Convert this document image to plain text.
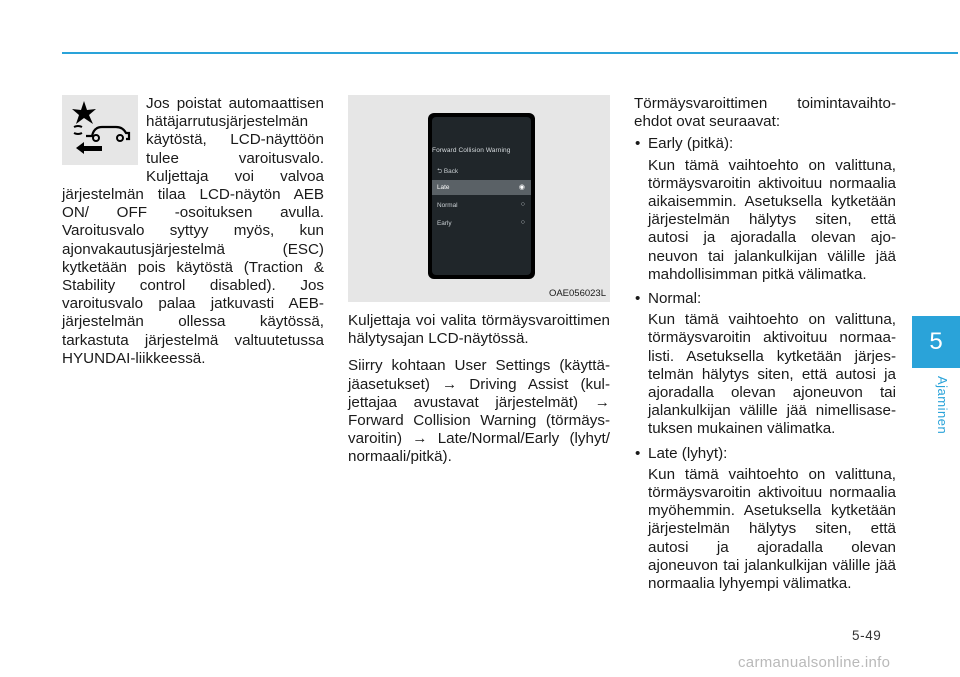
Jos poistat automaattisen hätäjarrutusjärjestelmän käytöstä, LCD-näyttöön tulee varoitusvalo. Kuljettaja voi valvoa järjestelmän tilaa LCD-näytön AEB ON/ OFF -osoituksen avulla. Varoitusvalo syttyy myös, kun ajonvakautusjärjestelmä (ESC) kytketään pois käytöstä (Traction & Stability control disabled). Jos varoitusvalo palaa jatkuvasti AEB-järjestelmän ollessa käytössä, tarkastuta järjestelmä valtuutetussa HYUNDAI-liikkeessä.

Forward Collision Warning
⮌ Back
Late	◉
Normal	○
Early	○
OAE056023L

Kuljettaja voi valita törmäysvaroittimen hälytysajan LCD-näytössä.

Siirry kohtaan User Settings (käyttäjäasetukset) → Driving Assist (kuljettajaa avustavat järjestelmät) → Forward Collision Warning (törmäysvaroitin) → Late/Normal/Early (lyhyt/ normaali/pitkä).

Törmäysvaroittimen toimintavaihtoehdot ovat seuraavat:

• Early (pitkä):
Kun tämä vaihtoehto on valittuna, törmäysvaroitin aktivoituu normaalia aikaisemmin. Asetuksella kytketään järjestelmän hälytys siten, että autosi ja ajoradalla olevan ajoneuvon tai jalankulkijan välille jää mahdollisimman pitkä välimatka.
• Normal:
Kun tämä vaihtoehto on valittuna, törmäysvaroitin aktivoituu normaalisti. Asetuksella kytketään järjestelmän hälytys siten, että autosi ja ajoradalla olevan ajoneuvon tai jalankulkijan välille jää nimellisasetuksen mukainen välimatka.
• Late (lyhyt):
Kun tämä vaihtoehto on valittuna, törmäysvaroitin aktivoituu normaalia myöhemmin. Asetuksella kytketään järjestelmän hälytys siten, että autosi ja ajoradalla olevan ajoneuvon tai jalankulkijan välille jää normaalia lyhyempi välimatka.
5
Ajaminen
5-49
carmanualsonline.info
